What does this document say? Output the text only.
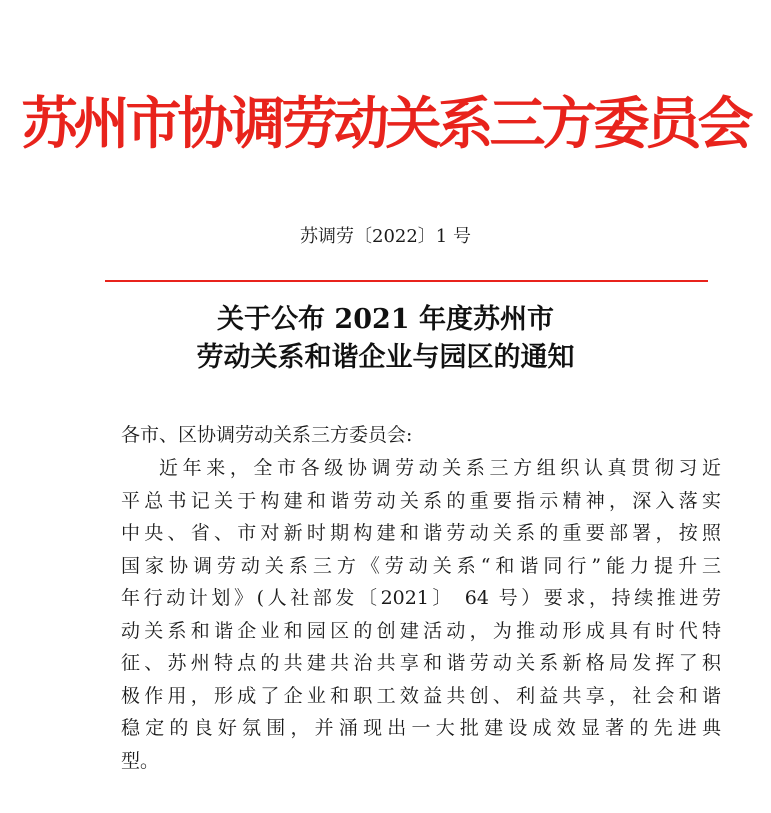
苏州市协调劳动关系三方委员会
苏调劳〔2022〕1 号
关于公布 2021 年度苏州市
劳动关系和谐企业与园区的通知
各市、区协调劳动关系三方委员会:
近年来，全市各级协调劳动关系三方组织认真贯彻习近
平总书记关于构建和谐劳动关系的重要指示精神，深入落实
中央、省、市对新时期构建和谐劳动关系的重要部署，按照
国家协调劳动关系三方《劳动关系“和谐同行”能力提升三
年行动计划》(人社部发〔2021〕 64 号）要求，持续推进劳
动关系和谐企业和园区的创建活动，为推动形成具有时代特
征、苏州特点的共建共治共享和谐劳动关系新格局发挥了积
极作用，形成了企业和职工效益共创、利益共享，社会和谐
稳定的良好氛围，并涌现出一大批建设成效显著的先进典
型。
